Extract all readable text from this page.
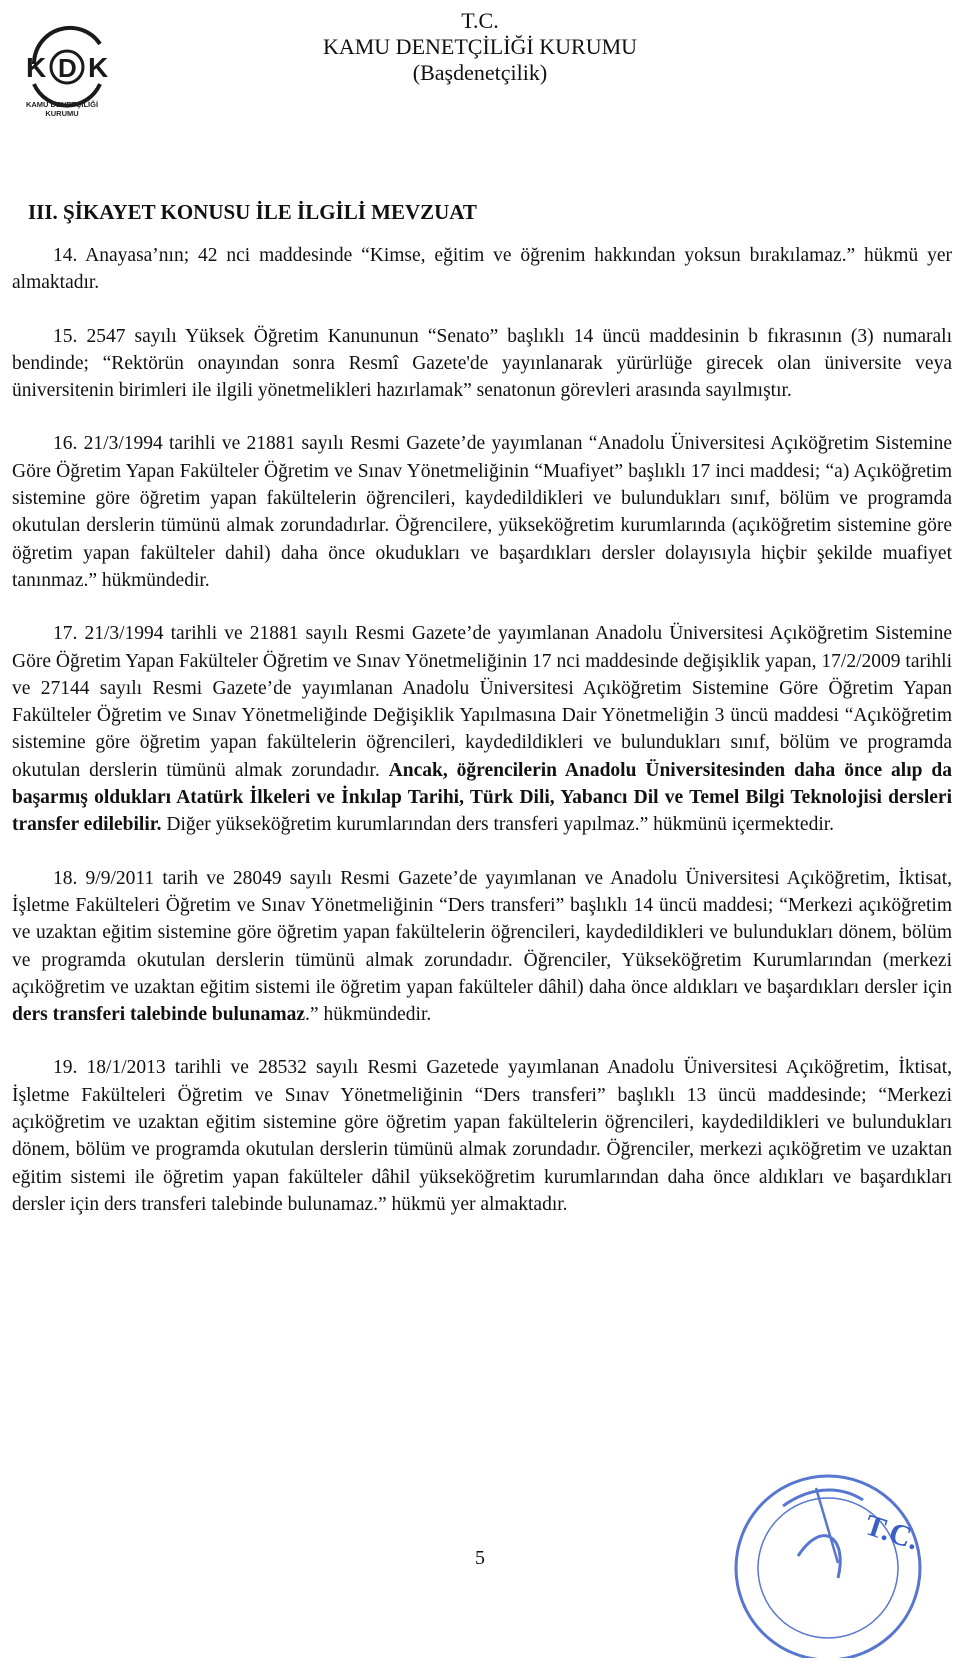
K D K
KAMU DENETÇİLİĞİ
KURUMU
T.C.
KAMU DENETÇİLİĞİ KURUMU
(Başdenetçilik)
III. ŞİKAYET KONUSU İLE İLGİLİ MEVZUAT

14. Anayasa’nın; 42 nci maddesinde “Kimse, eğitim ve öğrenim hakkından yoksun bırakılamaz.” hükmü yer almaktadır.

15. 2547 sayılı Yüksek Öğretim Kanununun “Senato” başlıklı 14 üncü maddesinin b fıkrasının (3) numaralı bendinde; “Rektörün onayından sonra Resmî Gazete'de yayınlanarak yürürlüğe girecek olan üniversite veya üniversitenin birimleri ile ilgili yönetmelikleri hazırlamak” senatonun görevleri arasında sayılmıştır.

16. 21/3/1994 tarihli ve 21881 sayılı Resmi Gazete’de yayımlanan “Anadolu Üniversitesi Açıköğretim Sistemine Göre Öğretim Yapan Fakülteler Öğretim ve Sınav Yönetmeliğinin “Muafiyet” başlıklı 17 inci maddesi; “a) Açıköğretim sistemine göre öğretim yapan fakültelerin öğrencileri, kaydedildikleri ve bulundukları sınıf, bölüm ve programda okutulan derslerin tümünü almak zorundadırlar. Öğrencilere, yükseköğretim kurumlarında (açıköğretim sistemine göre öğretim yapan fakülteler dahil) daha önce okudukları ve başardıkları dersler dolayısıyla hiçbir şekilde muafiyet tanınmaz.” hükmündedir.

17. 21/3/1994 tarihli ve 21881 sayılı Resmi Gazete’de yayımlanan Anadolu Üniversitesi Açıköğretim Sistemine Göre Öğretim Yapan Fakülteler Öğretim ve Sınav Yönetmeliğinin 17 nci maddesinde değişiklik yapan, 17/2/2009 tarihli ve 27144 sayılı Resmi Gazete’de yayımlanan Anadolu Üniversitesi Açıköğretim Sistemine Göre Öğretim Yapan Fakülteler Öğretim ve Sınav Yönetmeliğinde Değişiklik Yapılmasına Dair Yönetmeliğin 3 üncü maddesi “Açıköğretim sistemine göre öğretim yapan fakültelerin öğrencileri, kaydedildikleri ve bulundukları sınıf, bölüm ve programda okutulan derslerin tümünü almak zorundadır. Ancak, öğrencilerin Anadolu Üniversitesinden daha önce alıp da başarmış oldukları Atatürk İlkeleri ve İnkılap Tarihi, Türk Dili, Yabancı Dil ve Temel Bilgi Teknolojisi dersleri transfer edilebilir. Diğer yükseköğretim kurumlarından ders transferi yapılmaz.” hükmünü içermektedir.

18. 9/9/2011 tarih ve 28049 sayılı Resmi Gazete’de yayımlanan ve Anadolu Üniversitesi Açıköğretim, İktisat, İşletme Fakülteleri Öğretim ve Sınav Yönetmeliğinin “Ders transferi” başlıklı 14 üncü maddesi; “Merkezi açıköğretim ve uzaktan eğitim sistemine göre öğretim yapan fakültelerin öğrencileri, kaydedildikleri ve bulundukları dönem, bölüm ve programda okutulan derslerin tümünü almak zorundadır. Öğrenciler, Yükseköğretim Kurumlarından (merkezi açıköğretim ve uzaktan eğitim sistemi ile öğretim yapan fakülteler dâhil) daha önce aldıkları ve başardıkları dersler için ders transferi talebinde bulunamaz.” hükmündedir.

19. 18/1/2013 tarihli ve 28532 sayılı Resmi Gazetede yayımlanan Anadolu Üniversitesi Açıköğretim, İktisat, İşletme Fakülteleri Öğretim ve Sınav Yönetmeliğinin “Ders transferi” başlıklı 13 üncü maddesinde; “Merkezi açıköğretim ve uzaktan eğitim sistemine göre öğretim yapan fakültelerin öğrencileri, kaydedildikleri ve bulundukları dönem, bölüm ve programda okutulan derslerin tümünü almak zorundadır. Öğrenciler, merkezi açıköğretim ve uzaktan eğitim sistemi ile öğretim yapan fakülteler dâhil yükseköğretim kurumlarından daha önce aldıkları ve başardıkları dersler için ders transferi talebinde bulunamaz.” hükmü yer almaktadır.

5
T.C.
